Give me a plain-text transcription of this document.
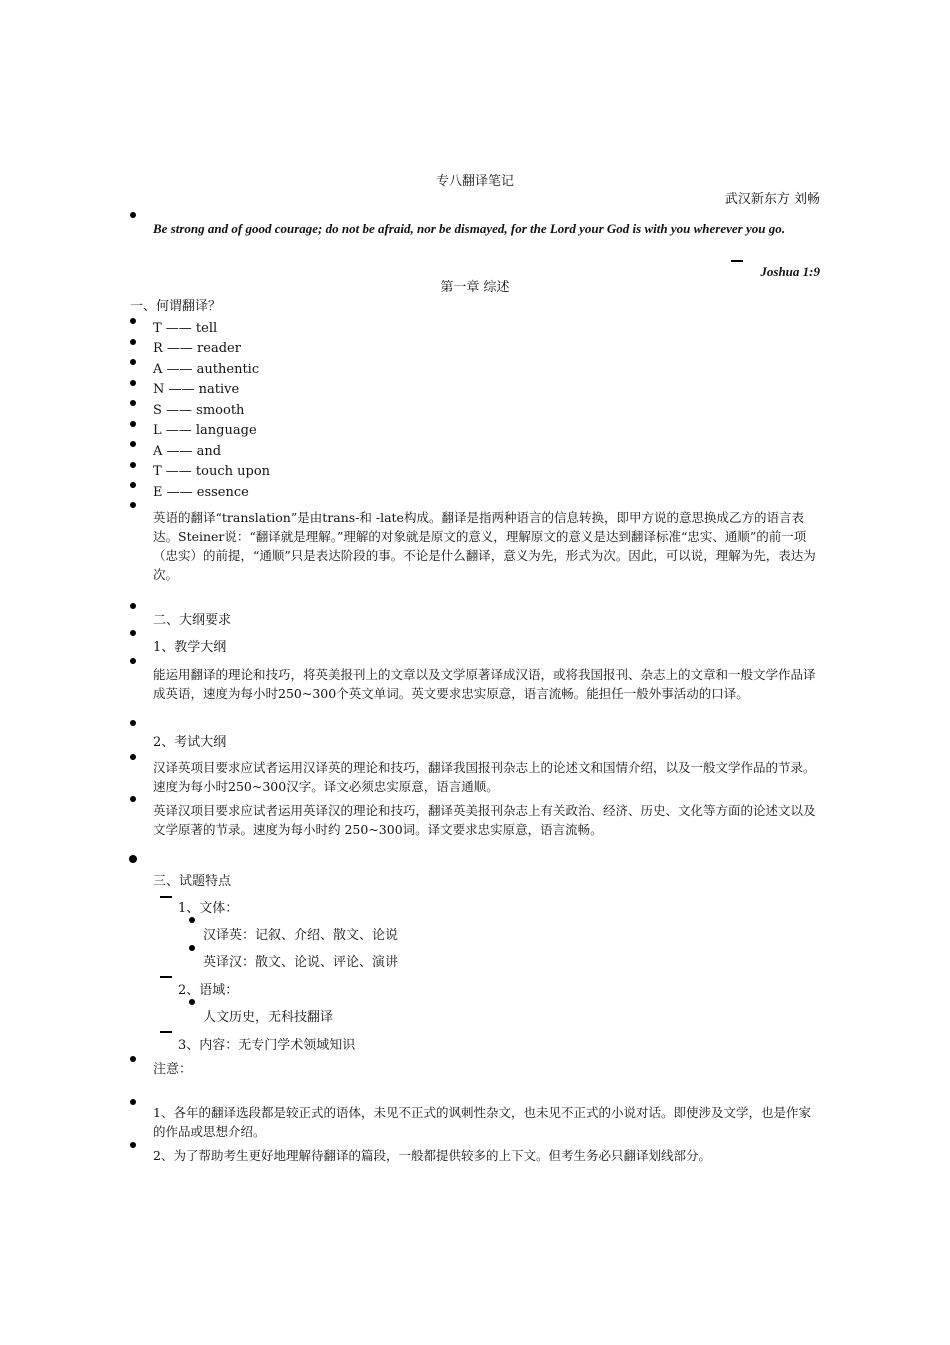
专八翻译笔记
武汉新东方 刘畅
Be strong and of good courage; do not be afraid, nor be dismayed, for the Lord your God is with you wherever you go.
Joshua 1:9
第一章 综述
一、何谓翻译？
T —— tell
R —— reader
A —— authentic
N —— native
S —— smooth
L —— language
A —— and
T —— touch upon
E —— essence
英语的翻译“translation”是由trans-和 -late构成。翻译是指两种语言的信息转换，即甲方说的意思换成乙方的语言表达。Steiner说：“翻译就是理解。”理解的对象就是原文的意义，理解原文的意义是达到翻译标准“忠实、通顺”的前一项（忠实）的前提，“通顺”只是表达阶段的事。不论是什么翻译，意义为先，形式为次。因此，可以说，理解为先，表达为次。
二、大纲要求
1、教学大纲
能运用翻译的理论和技巧，将英美报刊上的文章以及文学原著译成汉语，或将我国报刊、杂志上的文章和一般文学作品译成英语，速度为每小时250~300个英文单词。英文要求忠实原意，语言流畅。能担任一般外事活动的口译。
2、考试大纲
汉译英项目要求应试者运用汉译英的理论和技巧，翻译我国报刊杂志上的论述文和国情介绍，以及一般文学作品的节录。速度为每小时250~300汉字。译文必须忠实原意，语言通顺。
英译汉项目要求应试者运用英译汉的理论和技巧，翻译英美报刊杂志上有关政治、经济、历史、文化等方面的论述文以及文学原著的节录。速度为每小时约 250~300词。译文要求忠实原意，语言流畅。
三、试题特点
1、文体：
汉译英：记叙、介绍、散文、论说
英译汉：散文、论说、评论、演讲
2、语域：
人文历史，无科技翻译
3、内容：无专门学术领域知识
注意：
1、各年的翻译选段都是较正式的语体，未见不正式的讽刺性杂文，也未见不正式的小说对话。即使涉及文学，也是作家的作品或思想介绍。
2、为了帮助考生更好地理解待翻译的篇段，一般都提供较多的上下文。但考生务必只翻译划线部分。
